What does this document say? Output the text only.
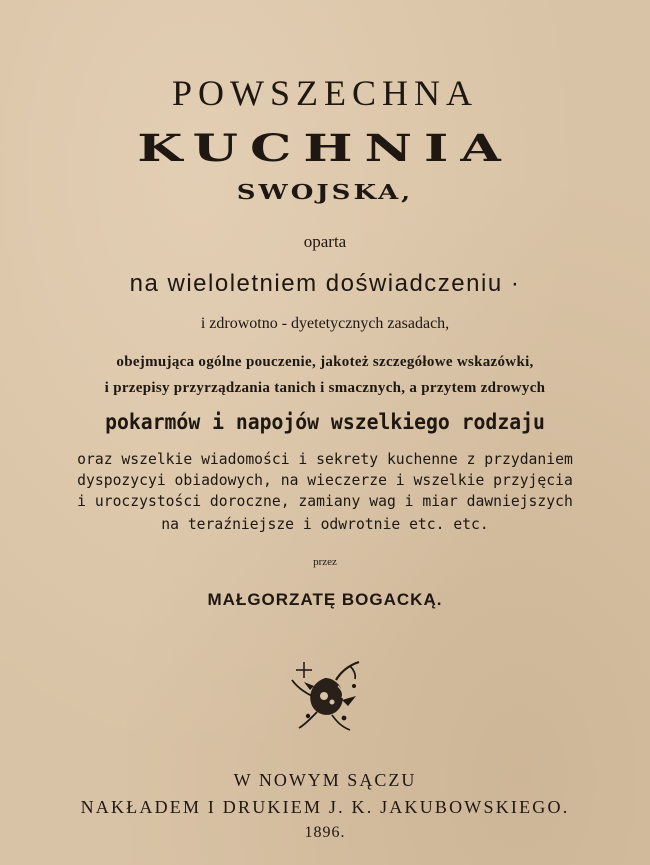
POWSZECHNA
KUCHNIA
SWOJSKA,
oparta
na wieloletniem doświadczeniu ·
i zdrowotno - dyetetycznych zasadach,
obejmująca ogólne pouczenie, jakoteż szczegółowe wskazówki,
i przepisy przyrządzania tanich i smacznych, a przytem zdrowych
pokarmów i napojów wszelkiego rodzaju
oraz wszelkie wiadomości i sekrety kuchenne z przydaniem
dyspozycyi obiadowych, na wieczerze i wszelkie przyjęcia
i uroczystości doroczne, zamiany wag i miar dawniejszych
na teraźniejsze i odwrotnie etc. etc.
przez
MAŁGORZATĘ BOGACKĄ.
W NOWYM SĄCZU
NAKŁADEM I DRUKIEM J. K. JAKUBOWSKIEGO.
1896.
